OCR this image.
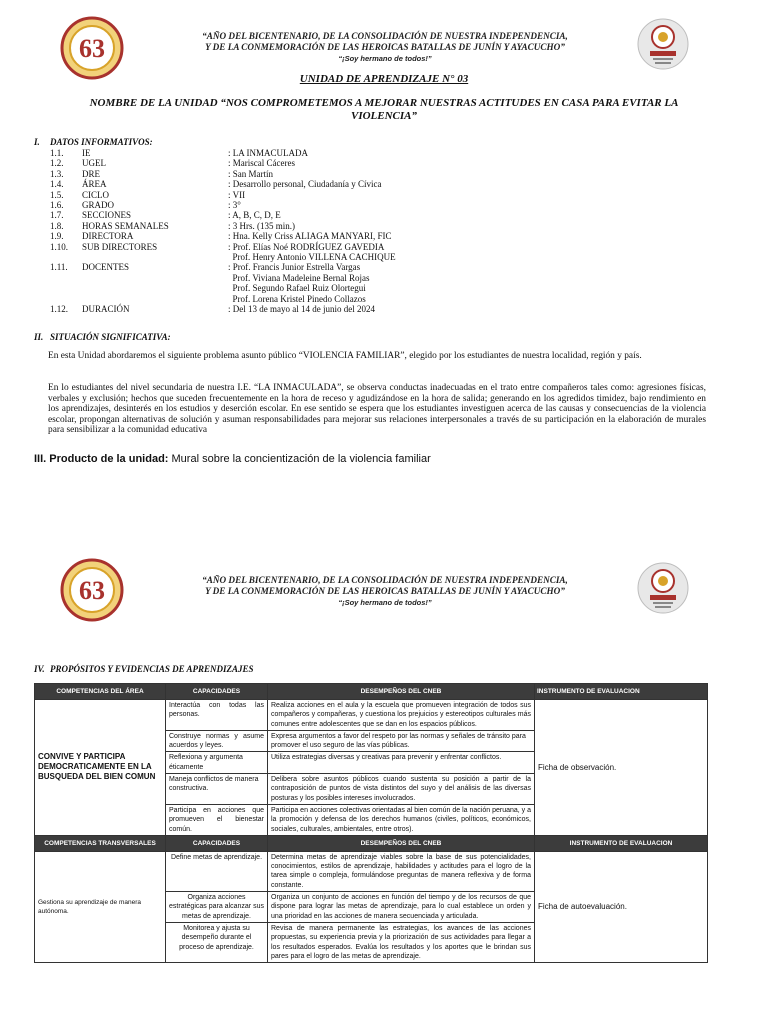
63	“AÑO DEL BICENTENARIO, DE LA CONSOLIDACIÓN DE NUESTRA INDEPENDENCIA,
Y DE LA CONMEMORACIÓN DE LAS HEROICAS BATALLAS DE JUNÍN Y AYACUCHO”
“¡Soy hermano de todos!”
UNIDAD DE APRENDIZAJE N° 03
NOMBRE DE LA UNIDAD “NOS COMPROMETEMOS A MEJORAR NUESTRAS ACTITUDES EN CASA PARA EVITAR LA
VIOLENCIA”
I. DATOS INFORMATIVOS:
1.1. IE	: LA INMACULADA
1.2. UGEL	: Mariscal Cáceres
1.3. DRE	: San Martín
1.4. ÁREA	: Desarrollo personal, Ciudadanía y Cívica
1.5. CICLO	: VII
1.6. GRADO	: 3°
1.7. SECCIONES	: A, B, C, D, E
1.8. HORAS SEMANALES	: 3 Hrs. (135 min.)
1.9. DIRECTORA	: Hna. Kelly Criss ALIAGA MANYARI, FIC
1.10. SUB DIRECTORES	: Prof. Elías Noé RODRÍGUEZ GAVEDIA
Prof. Henry Antonio VILLENA CACHIQUE
1.11. DOCENTES	: Prof. Francis Junior Estrella Vargas
Prof. Viviana Madeleine Bernal Rojas
Prof. Segundo Rafael Ruiz Olortegui
Prof. Lorena Kristel Pinedo Collazos
1.12. DURACIÓN	: Del 13 de mayo al 14 de junio del 2024
II. SITUACIÓN SIGNIFICATIVA:
En esta Unidad abordaremos el siguiente problema asunto público “VIOLENCIA FAMILIAR”, elegido por los estudiantes de nuestra localidad, región y país.
En lo estudiantes del nivel secundaria de nuestra I.E. “LA INMACULADA”, se observa conductas inadecuadas en el trato entre compañeros tales como: agresiones físicas, verbales y exclusión; hechos que suceden frecuentemente en la hora de receso y agudizándose en la hora de salida; generando en los agredidos timidez, bajo rendimiento en los aprendizajes, desinterés en los estudios y deserción escolar. En ese sentido se espera que los estudiantes investiguen acerca de las causas y consecuencias de la violencia escolar, propongan alternativas de solución y asuman responsabilidades para mejorar sus relaciones interpersonales a través de su participación en la elaboración de murales para sensibilizar a la comunidad educativa
III. Producto de la unidad: Mural sobre la concientización de la violencia familiar
63	“AÑO DEL BICENTENARIO, DE LA CONSOLIDACIÓN DE NUESTRA INDEPENDENCIA,
Y DE LA CONMEMORACIÓN DE LAS HEROICAS BATALLAS DE JUNÍN Y AYACUCHO”
“¡Soy hermano de todos!”
IV. PROPÓSITOS Y EVIDENCIAS DE APRENDIZAJES
COMPETENCIAS DEL ÁREA	CAPACIDADES	DESEMPEÑOS DEL CNEB	INSTRUMENTO DE EVALUACION
CONVIVE Y PARTICIPA DEMOCRATICAMENTE EN LA BUSQUEDA DEL BIEN COMUN	Interactúa con todas las personas.	Realiza acciones en el aula y la escuela que promueven integración de todos sus compañeros y compañeras, y cuestiona los prejuicios y estereotipos culturales más comunes entre adolescentes que se dan en los espacios públicos.	Ficha de observación.
	Construye normas y asume acuerdos y leyes.	Expresa argumentos a favor del respeto por las normas y señales de tránsito para promover el uso seguro de las vías públicas.	
	Reflexiona y argumenta éticamente	Utiliza estrategias diversas y creativas para prevenir y enfrentar conflictos.	
	Maneja conflictos de manera constructiva.	Delibera sobre asuntos públicos cuando sustenta su posición a partir de la contraposición de puntos de vista distintos del suyo y del análisis de las diversas posturas y los posibles intereses involucrados.	
	Participa en acciones que promueven el bienestar común.	Participa en acciones colectivas orientadas al bien común de la nación peruana, y a la promoción y defensa de los derechos humanos (civiles, políticos, económicos, sociales, culturales, ambientales, entre otros).	
COMPETENCIAS TRANSVERSALES	CAPACIDADES	DESEMPEÑOS DEL CNEB	INSTRUMENTO DE EVALUACION
Gestiona su aprendizaje de manera autónoma.	Define metas de aprendizaje.	Determina metas de aprendizaje viables sobre la base de sus potencialidades, conocimientos, estilos de aprendizaje, habilidades y actitudes para el logro de la tarea simple o compleja, formulándose preguntas de manera reflexiva y de forma constante.	Ficha de autoevaluación.
	Organiza acciones estratégicas para alcanzar sus metas de aprendizaje.	Organiza un conjunto de acciones en función del tiempo y de los recursos de que dispone para lograr las metas de aprendizaje, para lo cual establece un orden y una prioridad en las acciones de manera secuenciada y articulada.	
	Monitorea y ajusta su desempeño durante el proceso de aprendizaje.	Revisa de manera permanente las estrategias, los avances de las acciones propuestas, su experiencia previa y la priorización de sus actividades para llegar a los resultados esperados. Evalúa los resultados y los aportes que le brindan sus pares para el logro de las metas de aprendizaje.	
